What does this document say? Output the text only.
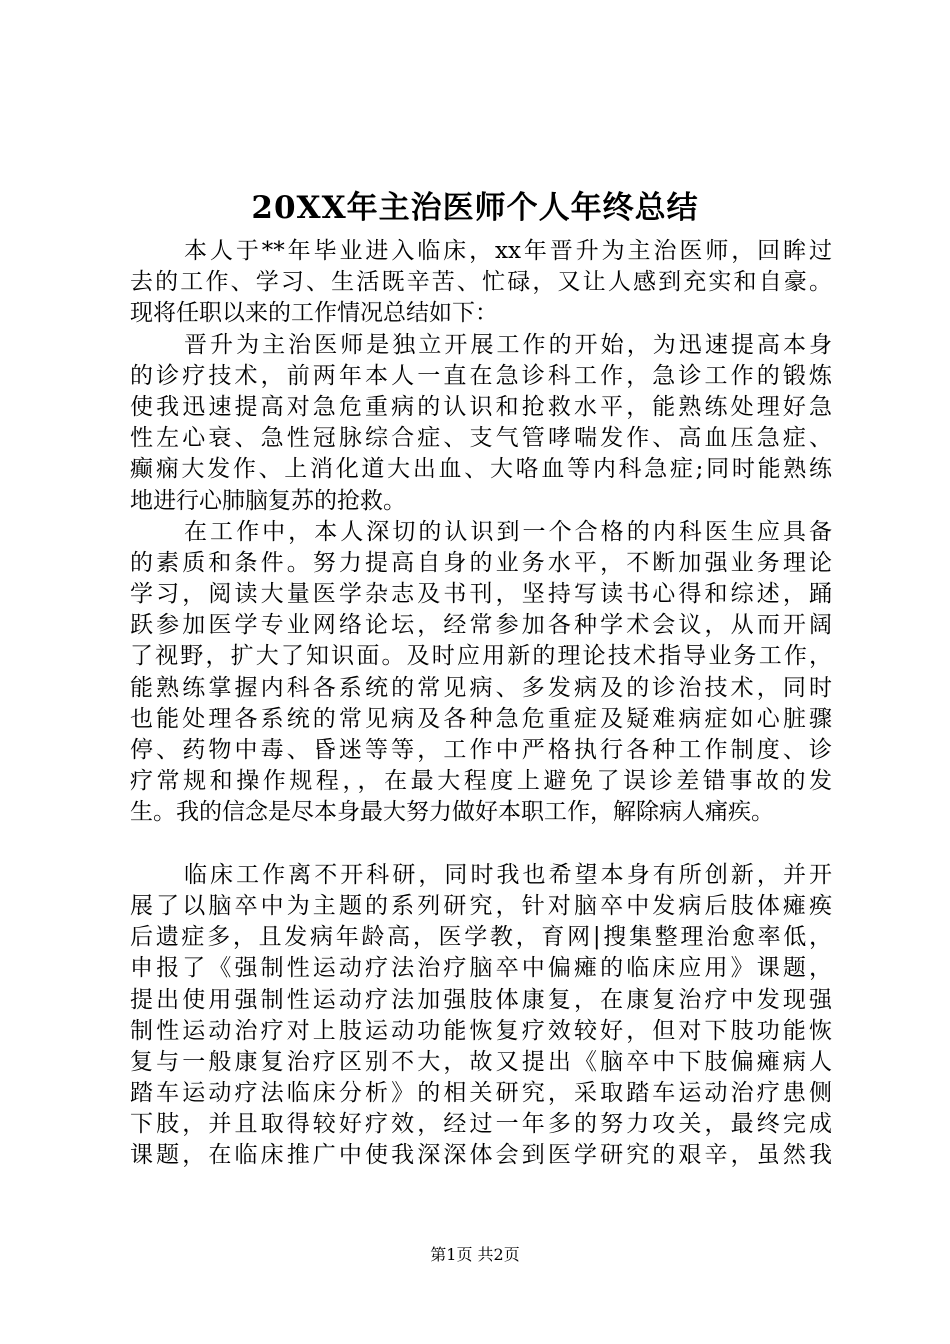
20XX年主治医师个人年终总结
本人于**年毕业进入临床，xx年晋升为主治医师，回眸过
去的工作、学习、生活既辛苦、忙碌，又让人感到充实和自豪。
现将任职以来的工作情况总结如下：
晋升为主治医师是独立开展工作的开始，为迅速提高本身
的诊疗技术，前两年本人一直在急诊科工作，急诊工作的锻炼
使我迅速提高对急危重病的认识和抢救水平，能熟练处理好急
性左心衰、急性冠脉综合症、支气管哮喘发作、高血压急症、
癫痫大发作、上消化道大出血、大咯血等内科急症;同时能熟练
地进行心肺脑复苏的抢救。
在工作中，本人深切的认识到一个合格的内科医生应具备
的素质和条件。努力提高自身的业务水平，不断加强业务理论
学习，阅读大量医学杂志及书刊，坚持写读书心得和综述，踊
跃参加医学专业网络论坛，经常参加各种学术会议，从而开阔
了视野，扩大了知识面。及时应用新的理论技术指导业务工作，
能熟练掌握内科各系统的常见病、多发病及的诊治技术，同时
也能处理各系统的常见病及各种急危重症及疑难病症如心脏骤
停、药物中毒、昏迷等等，工作中严格执行各种工作制度、诊
疗常规和操作规程，，在最大程度上避免了误诊差错事故的发
生。我的信念是尽本身最大努力做好本职工作，解除病人痛疾。
临床工作离不开科研，同时我也希望本身有所创新，并开
展了以脑卒中为主题的系列研究，针对脑卒中发病后肢体瘫痪
后遗症多，且发病年龄高，医学教，育网|搜集整理治愈率低，
申报了《强制性运动疗法治疗脑卒中偏瘫的临床应用》课题，
提出使用强制性运动疗法加强肢体康复，在康复治疗中发现强
制性运动治疗对上肢运动功能恢复疗效较好，但对下肢功能恢
复与一般康复治疗区别不大，故又提出《脑卒中下肢偏瘫病人
踏车运动疗法临床分析》的相关研究，采取踏车运动治疗患侧
下肢，并且取得较好疗效，经过一年多的努力攻关，最终完成
课题，在临床推广中使我深深体会到医学研究的艰辛，虽然我
第1页 共2页
